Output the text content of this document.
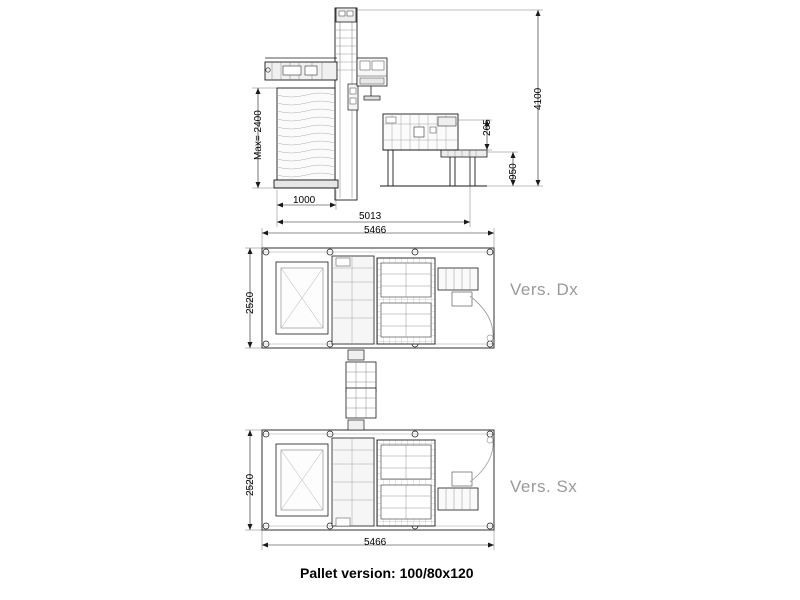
Max= 2400
1000
5013
265
950
4100
5466
2520
Vers. Dx
2520
5466
Vers. Sx
Pallet version: 100/80x120
